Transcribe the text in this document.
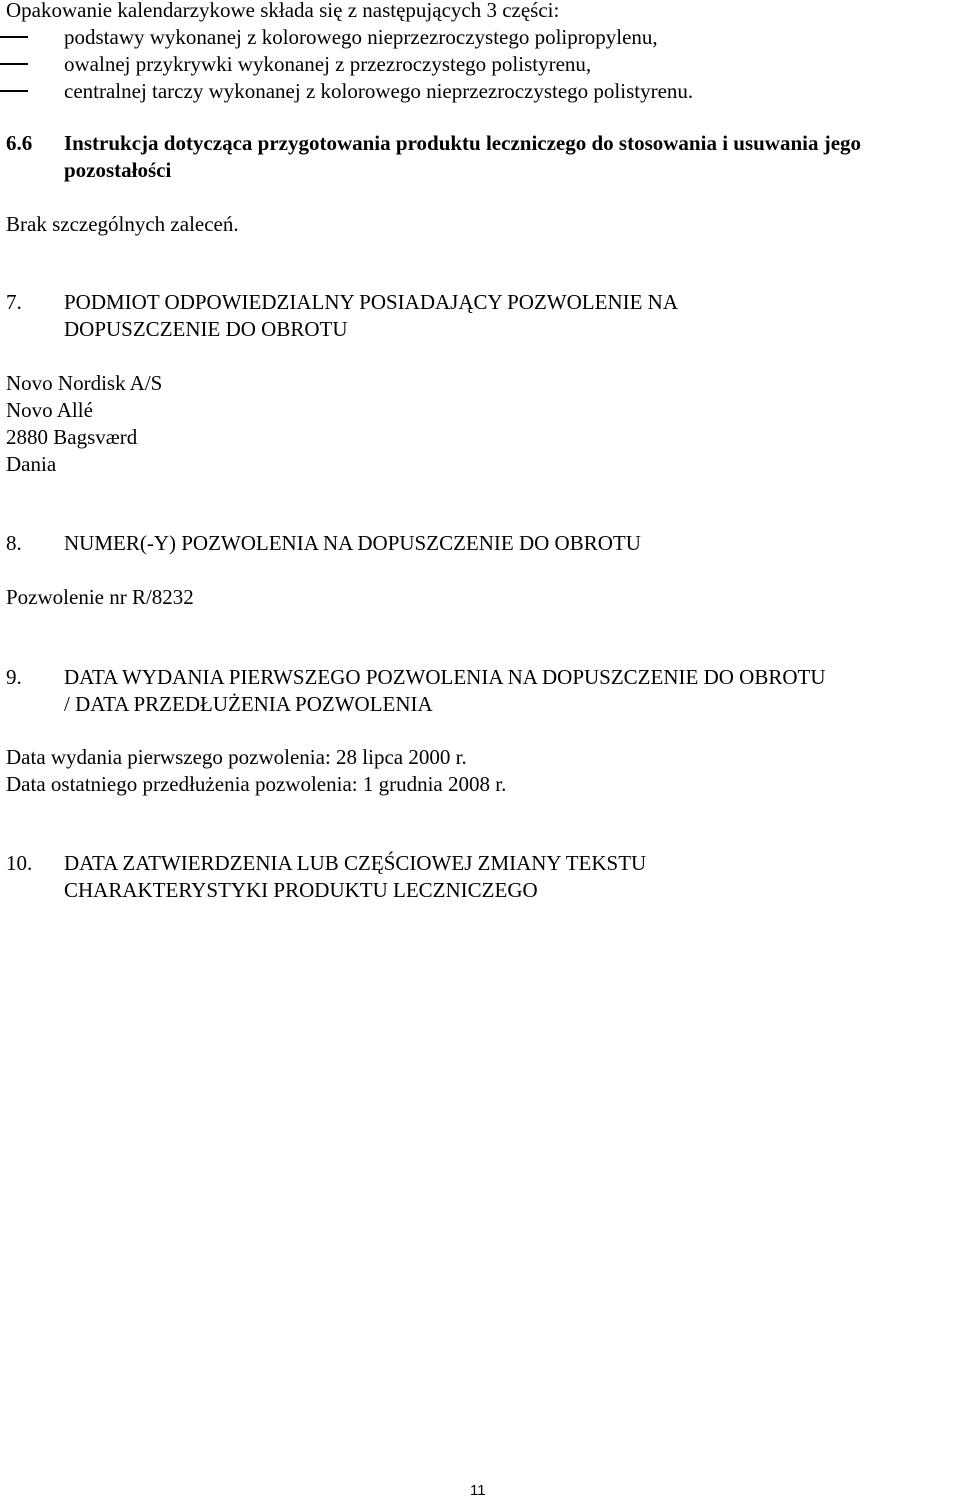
Opakowanie kalendarzykowe składa się z następujących 3 części:
podstawy wykonanej z kolorowego nieprzezroczystego polipropylenu,
owalnej przykrywki wykonanej z przezroczystego polistyrenu,
centralnej tarczy wykonanej z kolorowego nieprzezroczystego polistyrenu.
6.6 Instrukcja dotycząca przygotowania produktu leczniczego do stosowania i usuwania jego
pozostałości
Brak szczególnych zaleceń.
7. PODMIOT ODPOWIEDZIALNY POSIADAJĄCY POZWOLENIE NA
DOPUSZCZENIE DO OBROTU
Novo Nordisk A/S
Novo Allé
2880 Bagsværd
Dania
8. NUMER(-Y) POZWOLENIA NA DOPUSZCZENIE DO OBROTU
Pozwolenie nr R/8232
9. DATA WYDANIA PIERWSZEGO POZWOLENIA NA DOPUSZCZENIE DO OBROTU
/ DATA PRZEDŁUŻENIA POZWOLENIA
Data wydania pierwszego pozwolenia: 28 lipca 2000 r.
Data ostatniego przedłużenia pozwolenia: 1 grudnia 2008 r.
10. DATA ZATWIERDZENIA LUB CZĘŚCIOWEJ ZMIANY TEKSTU
CHARAKTERYSTYKI PRODUKTU LECZNICZEGO
11
